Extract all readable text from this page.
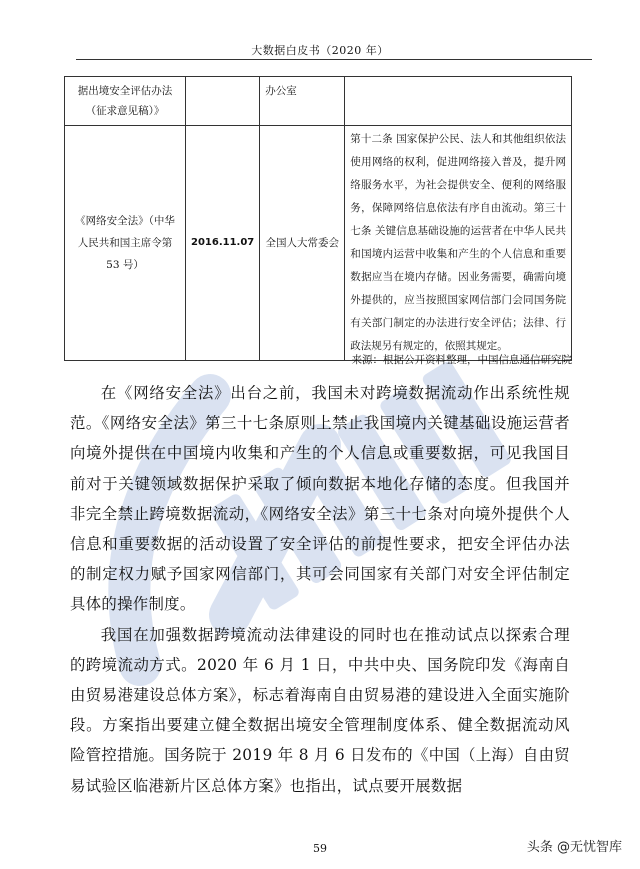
大数据白皮书（2020 年）
据出境安全评估办法（征求意见稿）》		办公室	
《网络安全法》（中华人民共和国主席令第 53 号）	2016.11.07	全国人大常委会	第十二条 国家保护公民、法人和其他组织依法使用网络的权利，促进网络接入普及，提升网络服务水平，为社会提供安全、便利的网络服务，保障网络信息依法有序自由流动。第三十七条 关键信息基础设施的运营者在中华人民共和国境内运营中收集和产生的个人信息和重要数据应当在境内存储。因业务需要，确需向境外提供的，应当按照国家网信部门会同国务院有关部门制定的办法进行安全评估；法律、行政法规另有规定的，依照其规定。
来源：根据公开资料整理，中国信息通信研究院

在《网络安全法》出台之前，我国未对跨境数据流动作出系统性规范。《网络安全法》第三十七条原则上禁止我国境内关键基础设施运营者向境外提供在中国境内收集和产生的个人信息或重要数据，可见我国目前对于关键领域数据保护采取了倾向数据本地化存储的态度。但我国并非完全禁止跨境数据流动，《网络安全法》第三十七条对向境外提供个人信息和重要数据的活动设置了安全评估的前提性要求，把安全评估办法的制定权力赋予国家网信部门，其可会同国家有关部门对安全评估制定具体的操作制度。

我国在加强数据跨境流动法律建设的同时也在推动试点以探索合理的跨境流动方式。2020 年 6 月 1 日，中共中央、国务院印发《海南自由贸易港建设总体方案》，标志着海南自由贸易港的建设进入全面实施阶段。方案指出要建立健全数据出境安全管理制度体系、健全数据流动风险管控措施。国务院于 2019 年 8 月 6 日发布的《中国（上海）自由贸易试验区临港新片区总体方案》也指出，试点要开展数据

59	头条 @无忧智库
